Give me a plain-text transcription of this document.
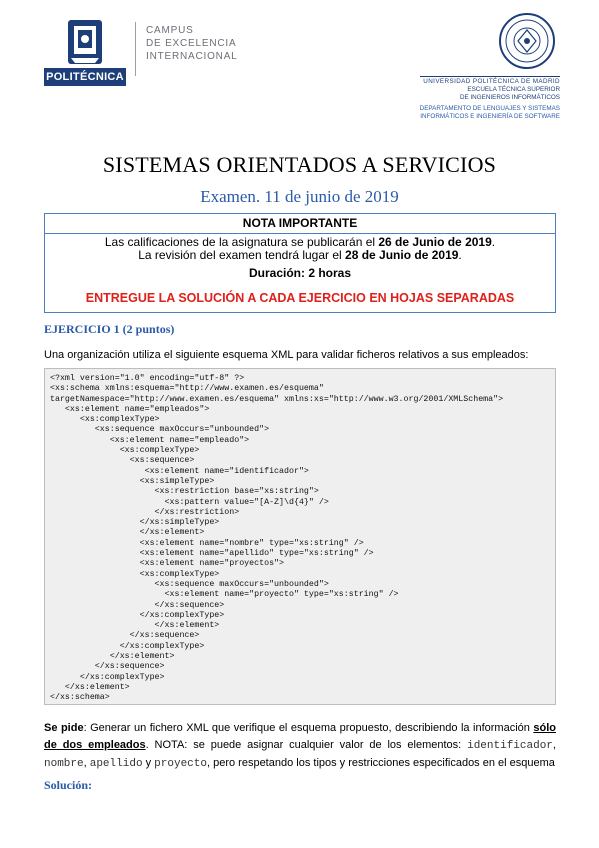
POLITÉCNICA
CAMPUS
DE EXCELENCIA
INTERNACIONAL
UNIVERSIDAD POLITÉCNICA DE MADRID
ESCUELA TÉCNICA SUPERIOR
DE INGENIEROS INFORMÁTICOS
DEPARTAMENTO DE LENGUAJES Y SISTEMAS
INFORMÁTICOS E INGENIERÍA DE SOFTWARE
SISTEMAS ORIENTADOS A SERVICIOS
Examen. 11 de junio de 2019
NOTA IMPORTANTE
Las calificaciones de la asignatura se publicarán el 26 de Junio de 2019.
La revisión del examen tendrá lugar el 28 de Junio de 2019.
Duración: 2 horas
ENTREGUE LA SOLUCIÓN A CADA EJERCICIO EN HOJAS SEPARADAS
EJERCICIO 1 (2 puntos)
Una organización utiliza el siguiente esquema XML para validar ficheros relativos a sus empleados:
<?xml version="1.0" encoding="utf-8" ?>
<xs:schema xmlns:esquema="http://www.examen.es/esquema"
targetNamespace="http://www.examen.es/esquema" xmlns:xs="http://www.w3.org/2001/XMLSchema">
<xs:element name="empleados">
<xs:complexType>
<xs:sequence maxOccurs="unbounded">
<xs:element name="empleado">
<xs:complexType>
<xs:sequence>
<xs:element name="identificador">
<xs:simpleType>
<xs:restriction base="xs:string">
<xs:pattern value="[A-Z]\d{4}" />
</xs:restriction>
</xs:simpleType>
</xs:element>
<xs:element name="nombre" type="xs:string" />
<xs:element name="apellido" type="xs:string" />
<xs:element name="proyectos">
<xs:complexType>
<xs:sequence maxOccurs="unbounded">
<xs:element name="proyecto" type="xs:string" />
</xs:sequence>
</xs:complexType>
</xs:element>
</xs:sequence>
</xs:complexType>
</xs:element>
</xs:sequence>
</xs:complexType>
</xs:element>
</xs:schema>
Se pide: Generar un fichero XML que verifique el esquema propuesto, describiendo la información sólo de dos empleados. NOTA: se puede asignar cualquier valor de los elementos: identificador, nombre, apellido y proyecto, pero respetando los tipos y restricciones especificados en el esquema
Solución:
